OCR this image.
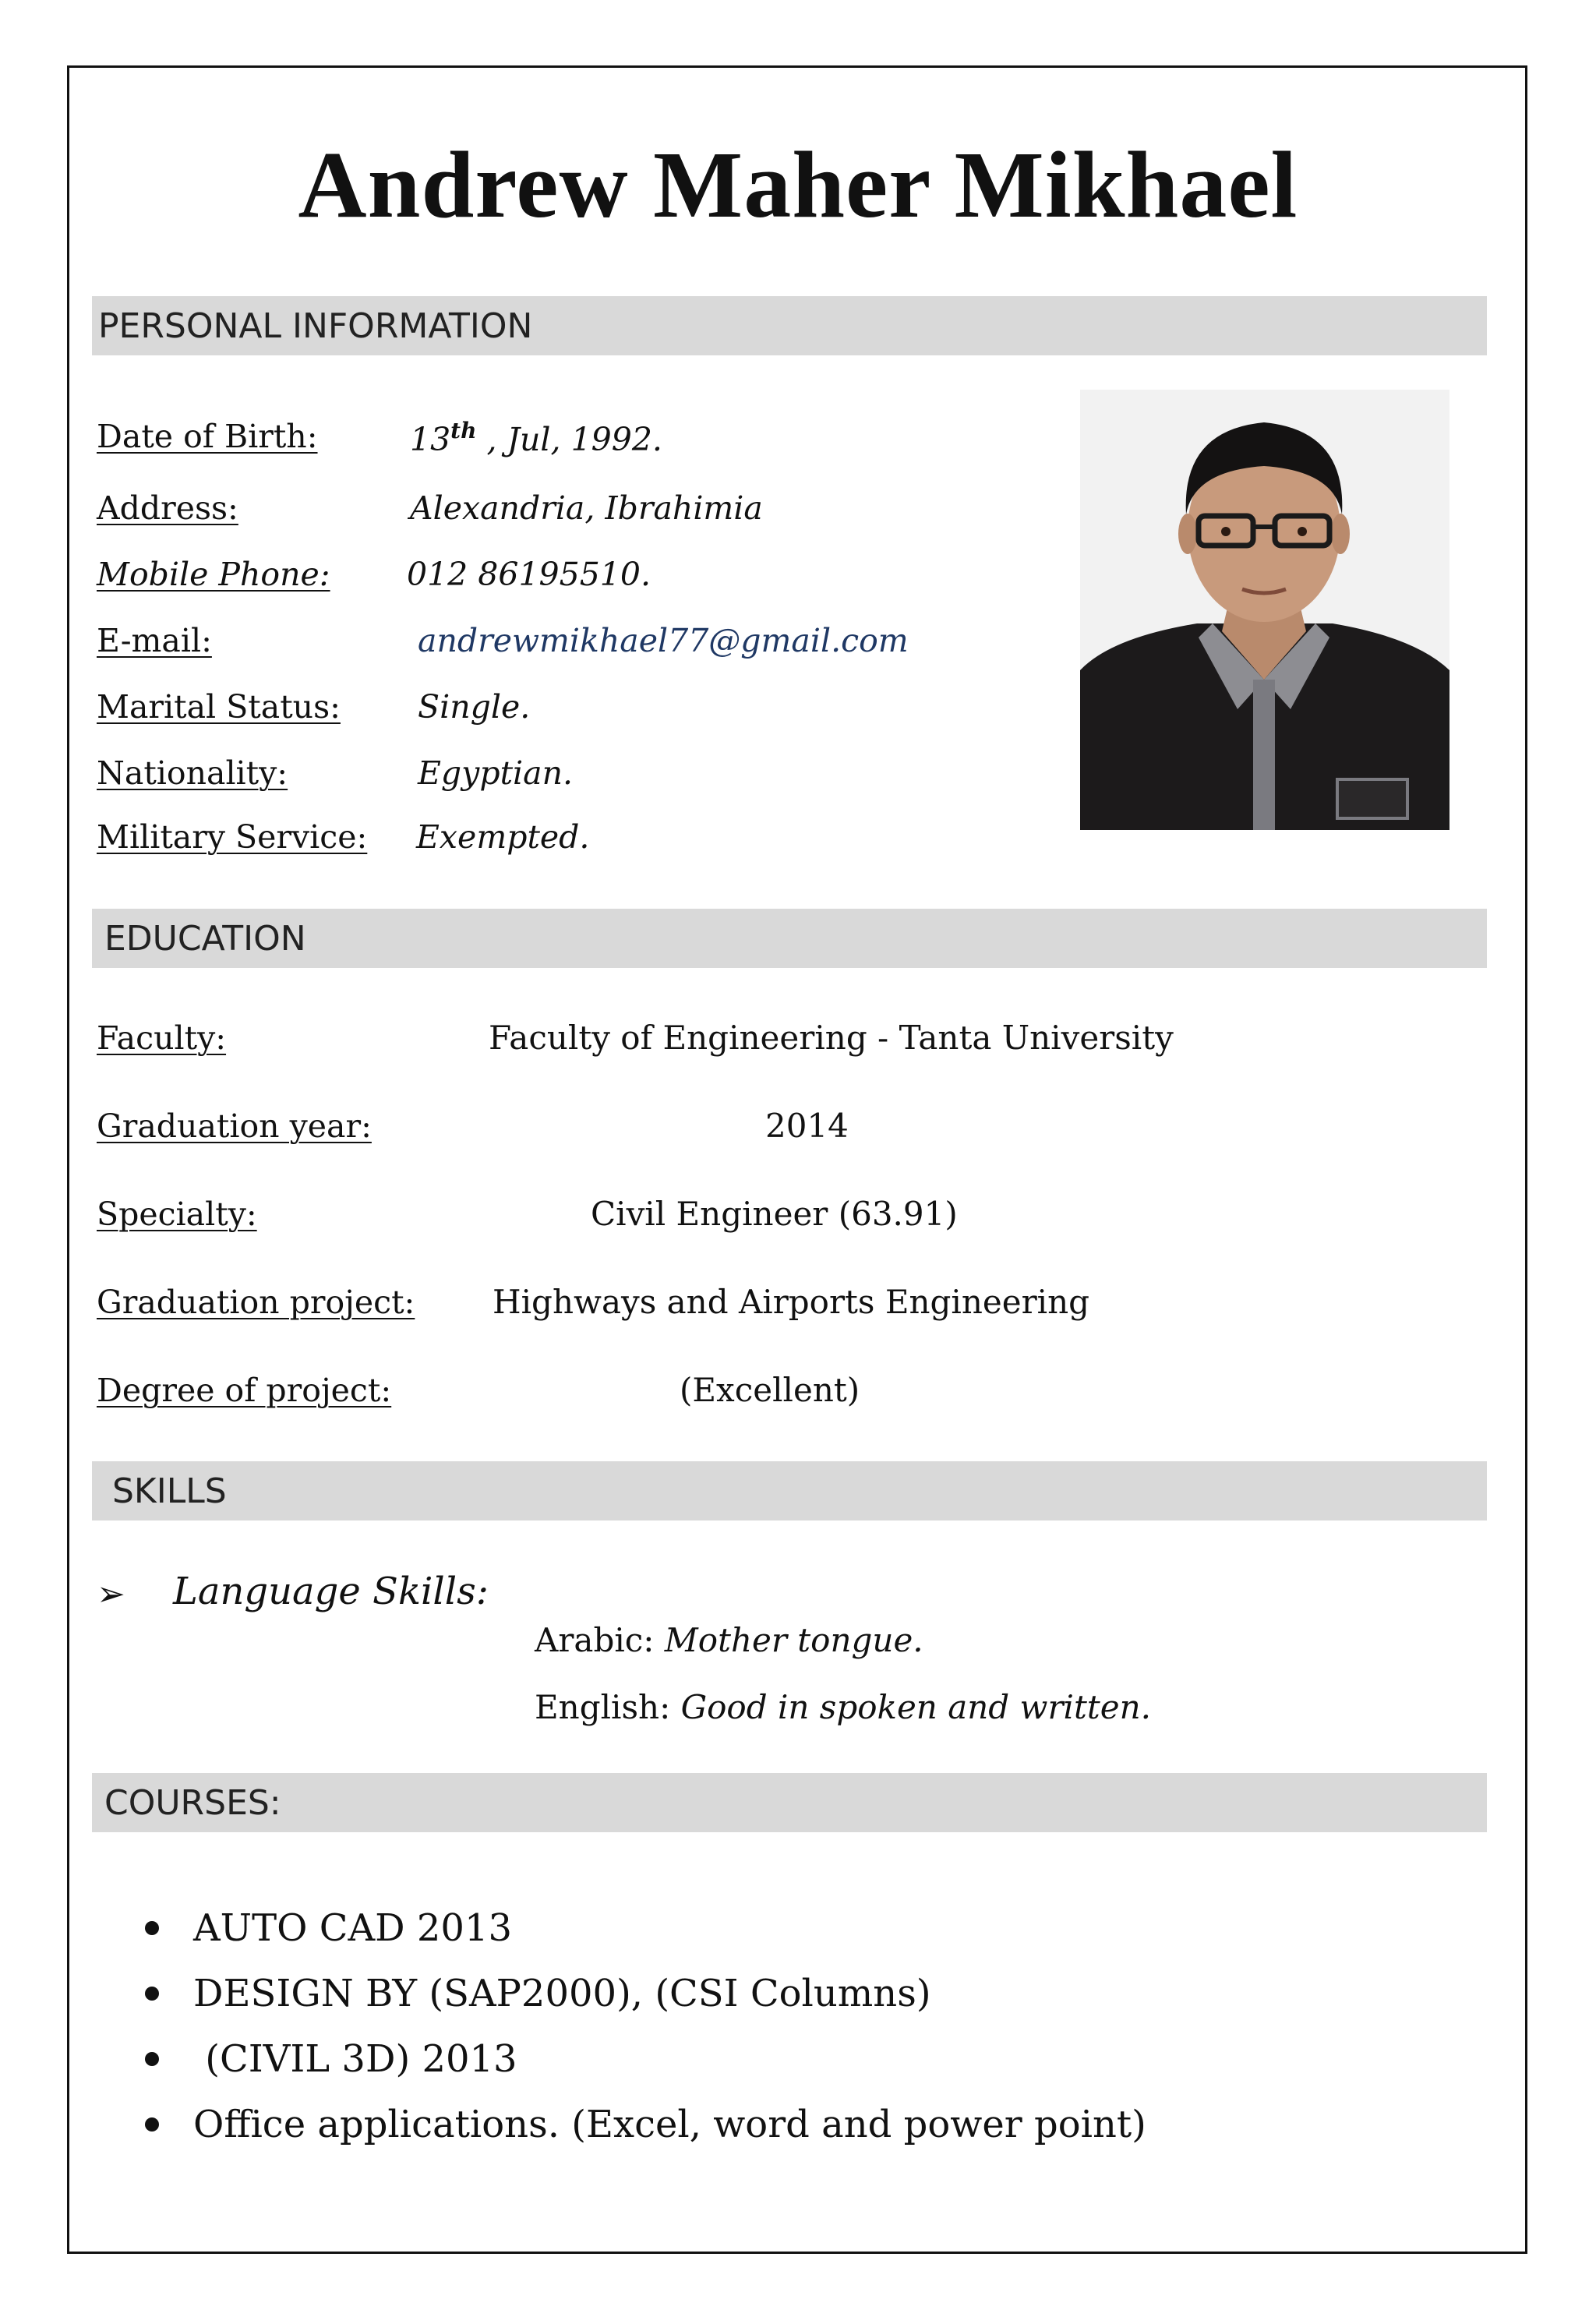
Andrew Maher Mikhael
PERSONAL INFORMATION
Date of Birth:	13th , Jul, 1992.
Address:	Alexandria, Ibrahimia
Mobile Phone: 012 86195510.
E-mail:	andrewmikhael77@gmail.com
Marital Status: Single.
Nationality:	Egyptian.
Military Service: Exempted.
EDUCATION
Faculty:	Faculty of Engineering - Tanta University
Graduation year:	2014
Specialty:	Civil Engineer (63.91)
Graduation project: Highways and Airports Engineering
Degree of project:	(Excellent)
SKILLS
➢ Language Skills:
Arabic: Mother tongue.
English: Good in spoken and written.
COURSES:
AUTO CAD 2013
DESIGN BY (SAP2000), (CSI Columns)
(CIVIL 3D) 2013
Office applications. (Excel, word and power point)
